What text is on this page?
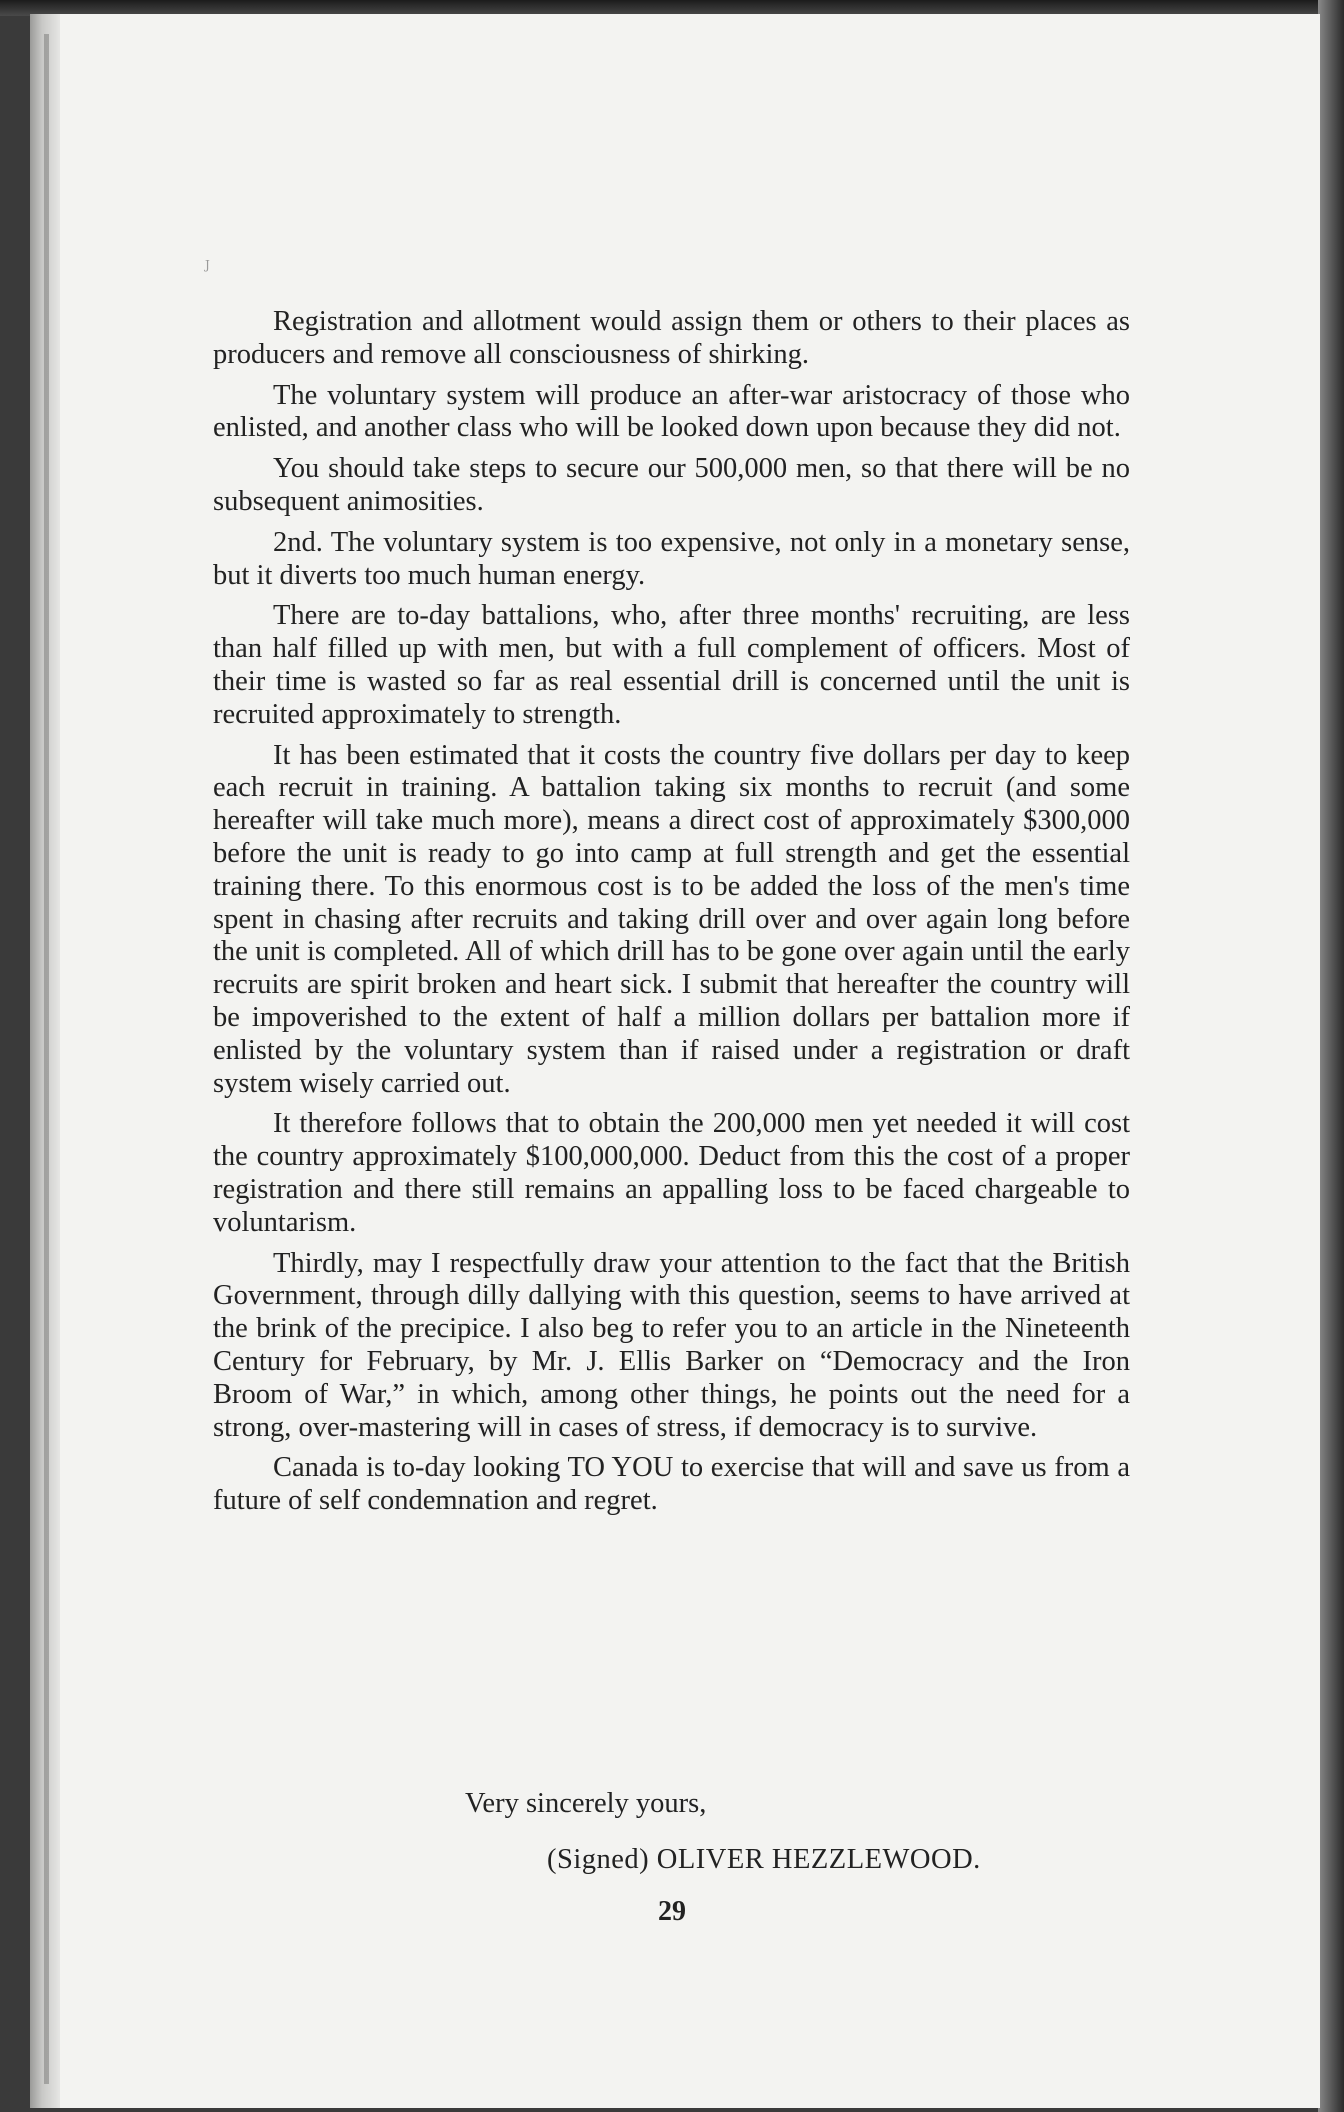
J

Registration and allotment would assign them or others to their places as producers and remove all consciousness of shirking.

The voluntary system will produce an after-war aristocracy of those who enlisted, and another class who will be looked down upon because they did not.

You should take steps to secure our 500,000 men, so that there will be no subsequent animosities.

2nd. The voluntary system is too expensive, not only in a monetary sense, but it diverts too much human energy.

There are to-day battalions, who, after three months' recruiting, are less than half filled up with men, but with a full complement of officers. Most of their time is wasted so far as real essential drill is concerned until the unit is recruited approximately to strength.

It has been estimated that it costs the country five dollars per day to keep each recruit in training. A battalion taking six months to recruit (and some hereafter will take much more), means a direct cost of approximately $300,000 before the unit is ready to go into camp at full strength and get the essential training there. To this enormous cost is to be added the loss of the men's time spent in chasing after recruits and taking drill over and over again long before the unit is completed. All of which drill has to be gone over again until the early recruits are spirit broken and heart sick. I submit that hereafter the country will be impoverished to the extent of half a million dollars per battalion more if enlisted by the voluntary system than if raised under a registration or draft system wisely carried out.

It therefore follows that to obtain the 200,000 men yet needed it will cost the country approximately $100,000,000. Deduct from this the cost of a proper registration and there still remains an appalling loss to be faced chargeable to voluntarism.

Thirdly, may I respectfully draw your attention to the fact that the British Government, through dilly dallying with this question, seems to have arrived at the brink of the precipice. I also beg to refer you to an article in the Nineteenth Century for February, by Mr. J. Ellis Barker on “Democracy and the Iron Broom of War,” in which, among other things, he points out the need for a strong, over-mastering will in cases of stress, if democracy is to survive.

Canada is to-day looking TO YOU to exercise that will and save us from a future of self condemnation and regret.

Very sincerely yours,
(Signed) OLIVER HEZZLEWOOD.
29
